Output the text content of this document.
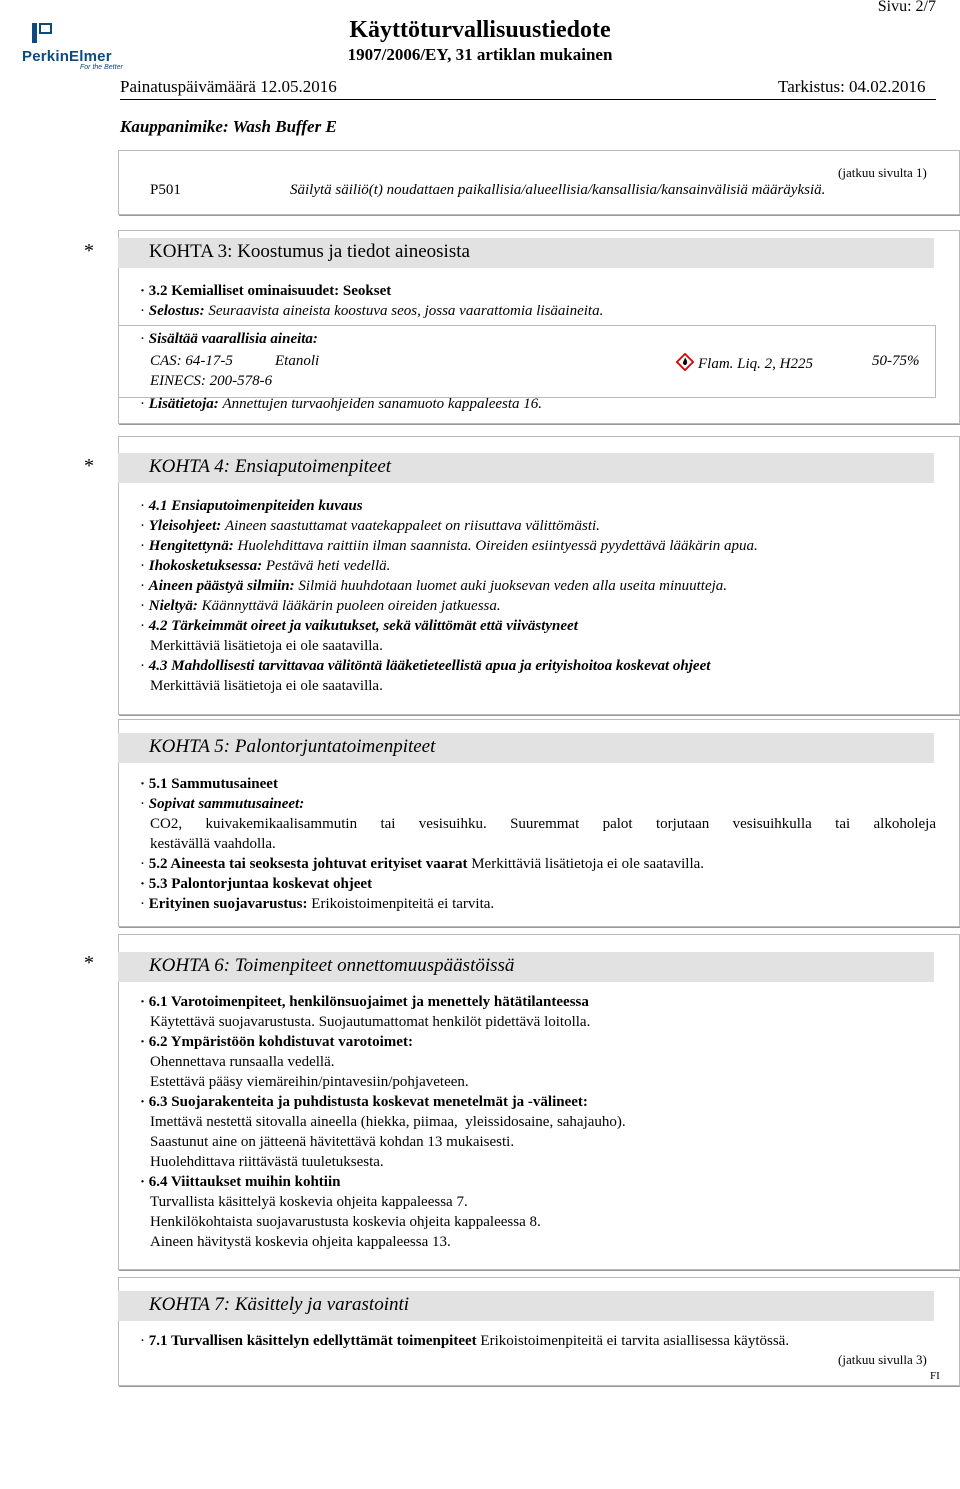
PerkinElmer
For the Better
Käyttöturvallisuustiedote
1907/2006/EY, 31 artiklan mukainen
Sivu: 2/7
Painatuspäivämäärä 12.05.2016	Tarkistus: 04.02.2016
Kauppanimike: Wash Buffer E
(jatkuu sivulta 1)
P501	Säilytä säiliö(t) noudattaen paikallisia/alueellisia/kansallisia/kansainvälisiä määräyksiä.
*	KOHTA 3: Koostumus ja tiedot aineosista
· 3.2 Kemialliset ominaisuudet: Seokset
· Selostus: Seuraavista aineista koostuva seos, jossa vaarattomia lisäaineita.
· Sisältää vaarallisia aineita:
CAS: 64-17-5
EINECS: 200-578-6
Etanoli	Flam. Liq. 2, H225	50-75%
· Lisätietoja: Annettujen turvaohjeiden sanamuoto kappaleesta 16.
*	KOHTA 4: Ensiaputoimenpiteet
· 4.1 Ensiaputoimenpiteiden kuvaus
· Yleisohjeet: Aineen saastuttamat vaatekappaleet on riisuttava välittömästi.
· Hengitettynä: Huolehdittava raittiin ilman saannista. Oireiden esiintyessä pyydettävä lääkärin apua.
· Ihokosketuksessa: Pestävä heti vedellä.
· Aineen päästyä silmiin: Silmiä huuhdotaan luomet auki juoksevan veden alla useita minuutteja.
· Nieltyä: Käännyttävä lääkärin puoleen oireiden jatkuessa.
· 4.2 Tärkeimmät oireet ja vaikutukset, sekä välittömät että viivästyneet
Merkittäviä lisätietoja ei ole saatavilla.
· 4.3 Mahdollisesti tarvittavaa välitöntä lääketieteellistä apua ja erityishoitoa koskevat ohjeet
Merkittäviä lisätietoja ei ole saatavilla.
KOHTA 5: Palontorjuntatoimenpiteet
· 5.1 Sammutusaineet
· Sopivat sammutusaineet:
CO2, kuivakemikaalisammutin tai vesisuihku. Suuremmat palot torjutaan vesisuihkulla tai alkoholeja
kestävällä vaahdolla.
· 5.2 Aineesta tai seoksesta johtuvat erityiset vaarat Merkittäviä lisätietoja ei ole saatavilla.
· 5.3 Palontorjuntaa koskevat ohjeet
· Erityinen suojavarustus: Erikoistoimenpiteitä ei tarvita.
*	KOHTA 6: Toimenpiteet onnettomuuspäästöissä
· 6.1 Varotoimenpiteet, henkilönsuojaimet ja menettely hätätilanteessa
Käytettävä suojavarustusta. Suojautumattomat henkilöt pidettävä loitolla.
· 6.2 Ympäristöön kohdistuvat varotoimet:
Ohennettava runsaalla vedellä.
Estettävä pääsy viemäreihin/pintavesiin/pohjaveteen.
· 6.3 Suojarakenteita ja puhdistusta koskevat menetelmät ja -välineet:
Imettävä nestettä sitovalla aineella (hiekka, piimaa,  yleissidosaine, sahajauho).
Saastunut aine on jätteenä hävitettävä kohdan 13 mukaisesti.
Huolehdittava riittävästä tuuletuksesta.
· 6.4 Viittaukset muihin kohtiin
Turvallista käsittelyä koskevia ohjeita kappaleessa 7.
Henkilökohtaista suojavarustusta koskevia ohjeita kappaleessa 8.
Aineen hävitystä koskevia ohjeita kappaleessa 13.
KOHTA 7: Käsittely ja varastointi
· 7.1 Turvallisen käsittelyn edellyttämät toimenpiteet Erikoistoimenpiteitä ei tarvita asiallisessa käytössä.
(jatkuu sivulla 3)
FI
